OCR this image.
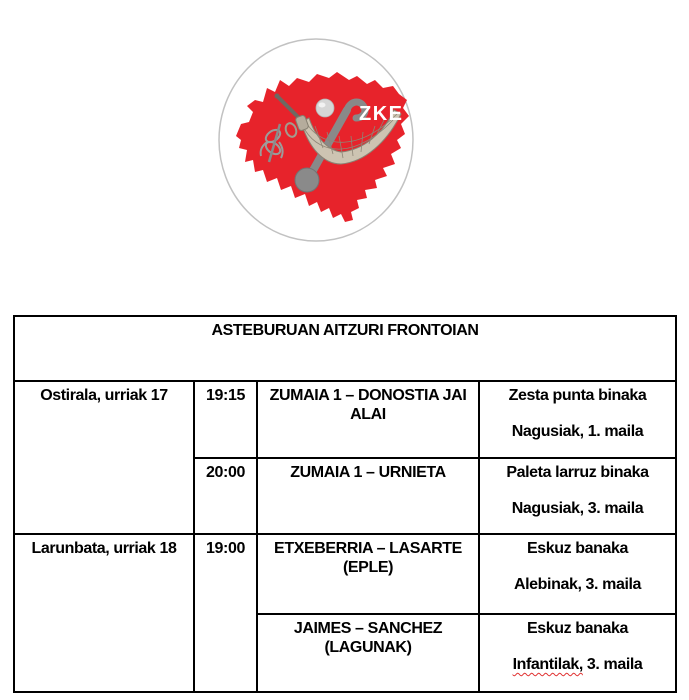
ZKE
ASTEBURUAN AITZURI FRONTOIAN			

Ostirala, urriak 17	19:15	ZUMAIA 1 – DONOSTIA JAI ALAI	Zesta punta binaka

Nagusiak, 1. maila

	20:00	ZUMAIA 1 – URNIETA	Paleta larruz binaka

Nagusiak, 3. maila

Larunbata, urriak 18	19:00	ETXEBERRIA – LASARTE (EPLE)	Eskuz banaka

Alebinak, 3. maila

		JAIMES – SANCHEZ (LAGUNAK)	Eskuz banaka

Infantilak, 3. maila
